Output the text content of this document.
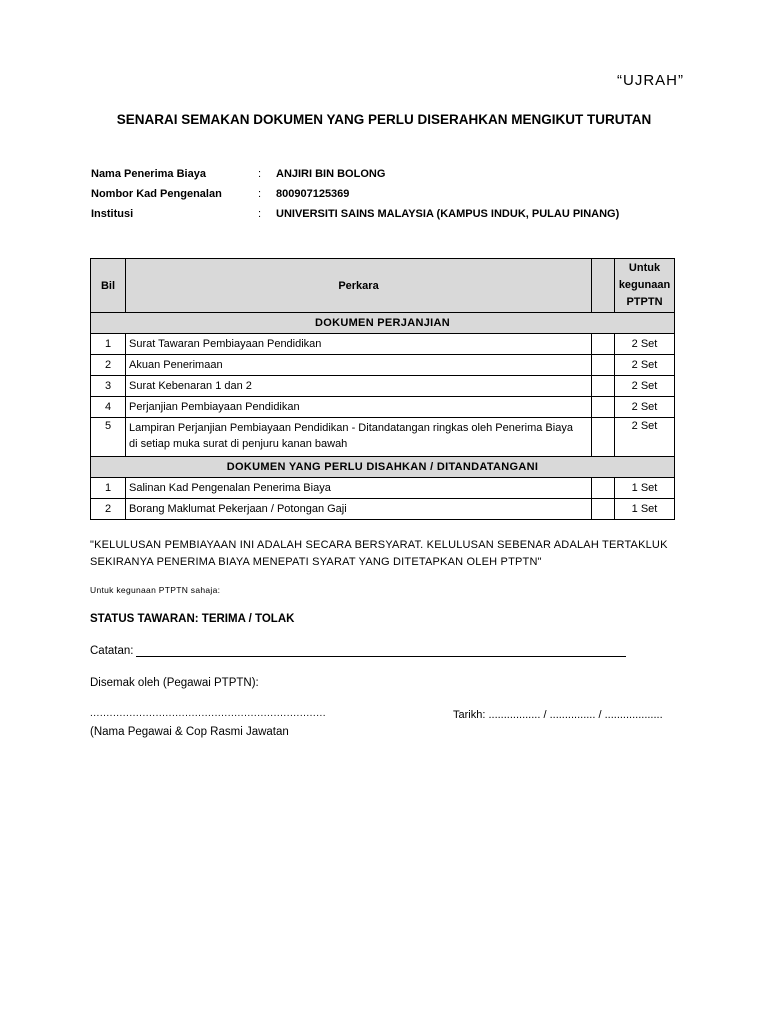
“UJRAH”
SENARAI SEMAKAN DOKUMEN YANG PERLU DISERAHKAN MENGIKUT TURUTAN
Nama Penerima Biaya	: ANJIRI BIN BOLONG
Nombor Kad Pengenalan	: 800907125369
Institusi	: UNIVERSITI SAINS MALAYSIA (KAMPUS INDUK, PULAU PINANG)
Bil	Perkara		Untuk
kegunaan
PTPTN
DOKUMEN PERJANJIAN			
1	Surat Tawaran Pembiayaan Pendidikan		2 Set
2	Akuan Penerimaan		2 Set
3	Surat Kebenaran 1 dan 2		2 Set
4	Perjanjian Pembiayaan Pendidikan		2 Set
5	Lampiran Perjanjian Pembiayaan Pendidikan - Ditandatangan ringkas oleh Penerima Biaya
di setiap muka surat di penjuru kanan bawah		2 Set
DOKUMEN YANG PERLU DISAHKAN / DITANDATANGANI			
1	Salinan Kad Pengenalan Penerima Biaya		1 Set
2	Borang Maklumat Pekerjaan / Potongan Gaji		1 Set
"KELULUSAN PEMBIAYAAN INI ADALAH SECARA BERSYARAT. KELULUSAN SEBENAR ADALAH TERTAKLUK
SEKIRANYA PENERIMA BIAYA MENEPATI SYARAT YANG DITETAPKAN OLEH PTPTN"
Untuk kegunaan PTPTN sahaja:
STATUS TAWARAN: TERIMA / TOLAK
Catatan:
Disemak oleh (Pegawai PTPTN):
........................................................................	Tarikh: ................. / ............... / ...................
(Nama Pegawai & Cop Rasmi Jawatan
